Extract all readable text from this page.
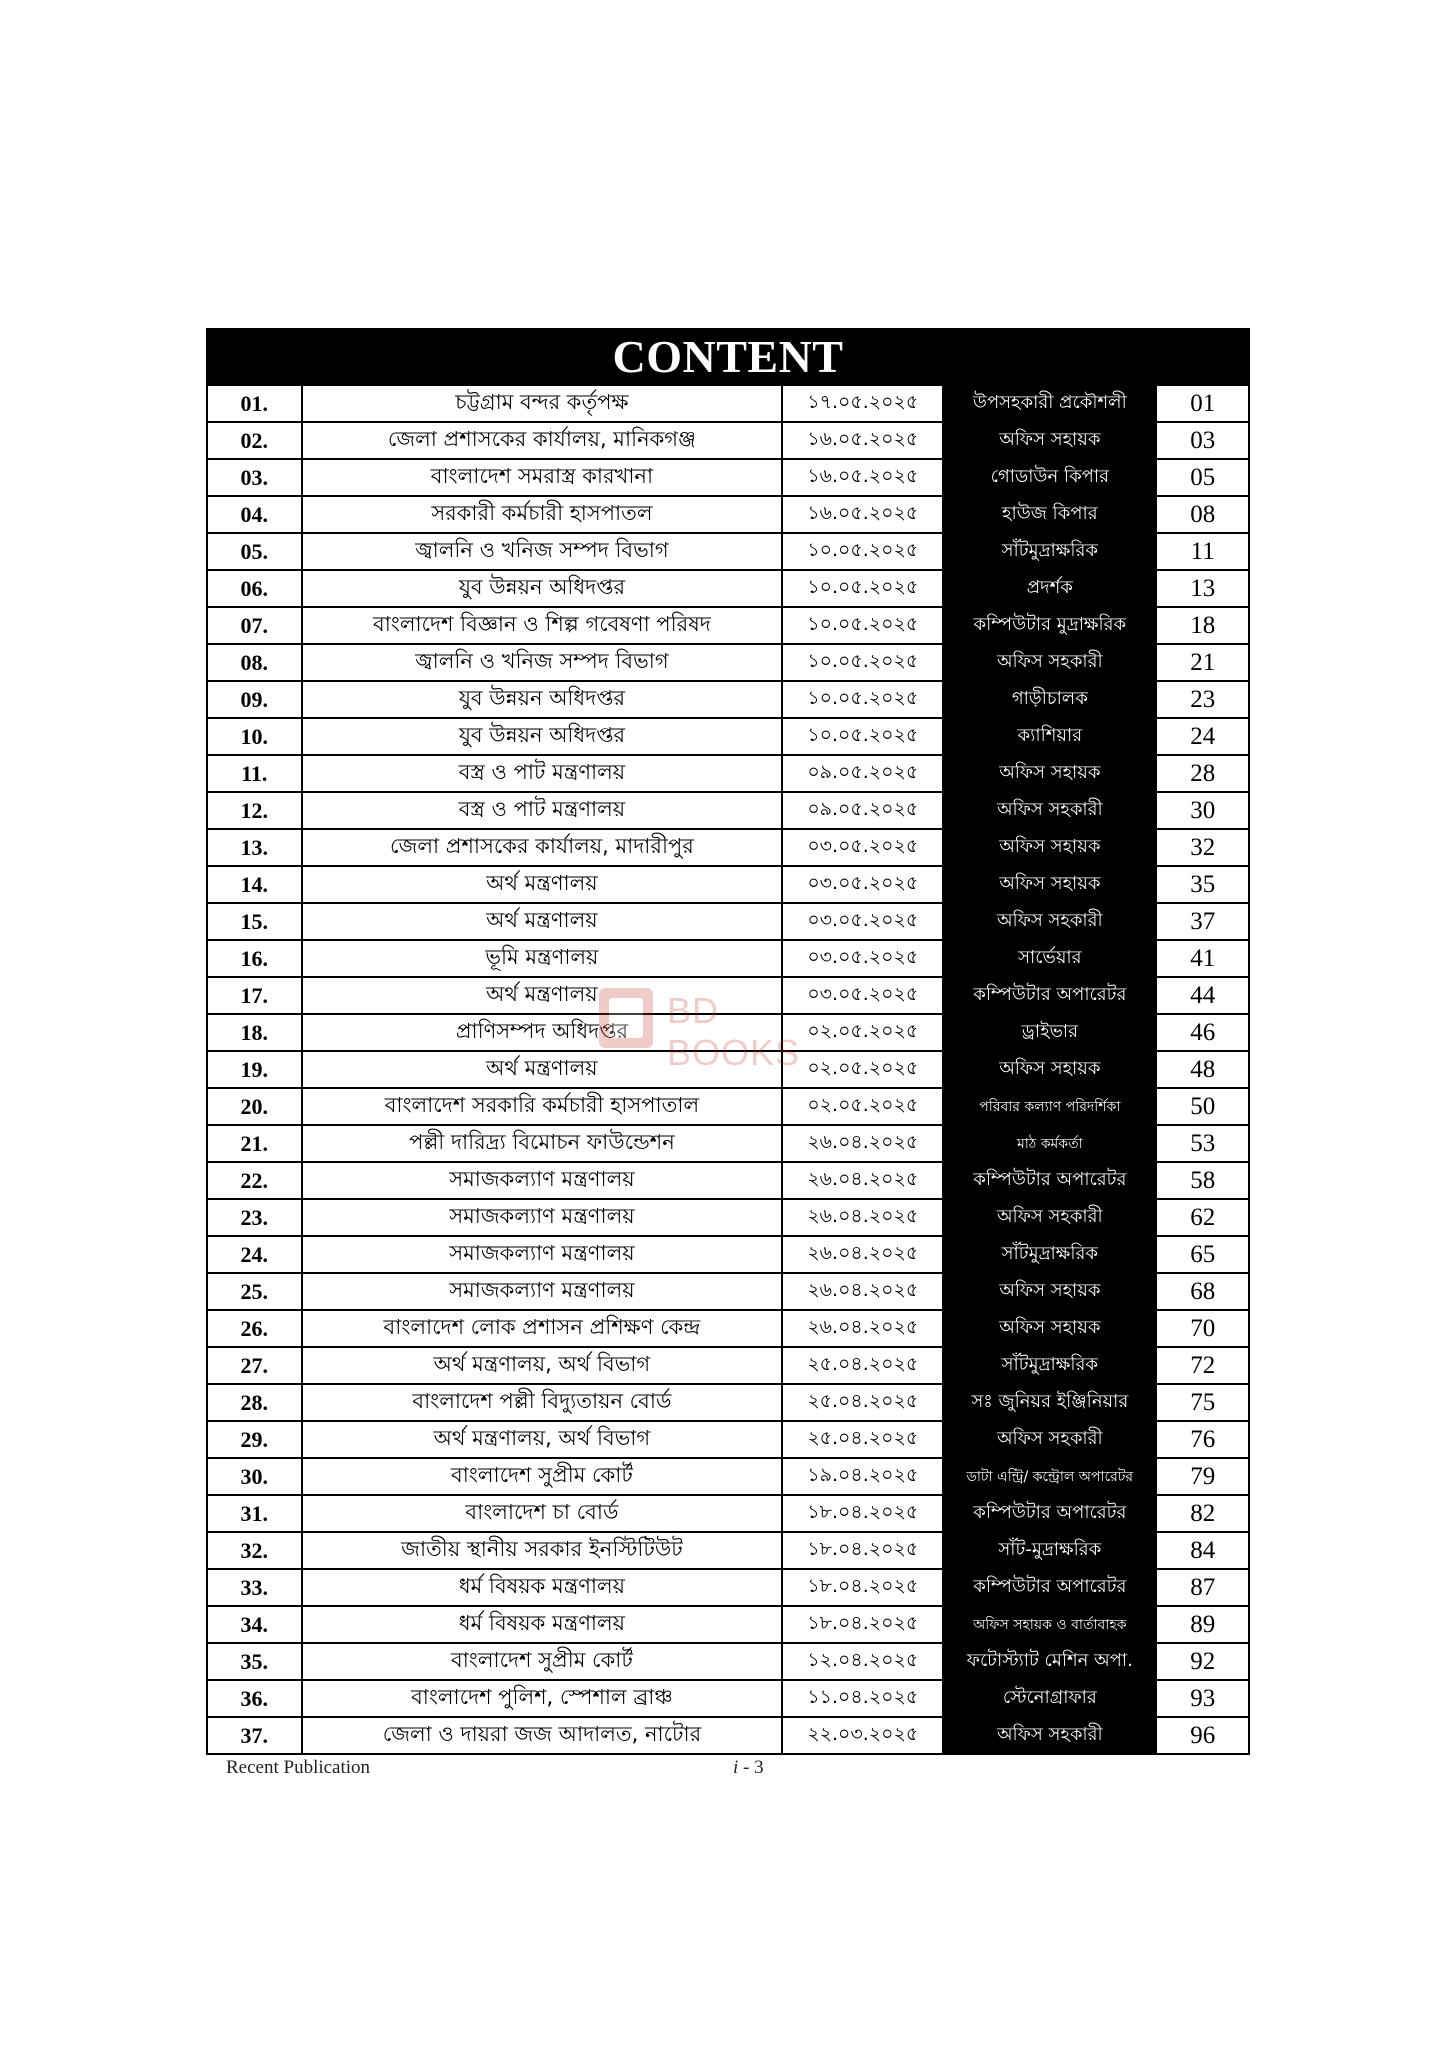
CONTENT
01.	চট্টগ্রাম বন্দর কর্তৃপক্ষ	১৭.০৫.২০২৫	উপসহকারী প্রকৌশলী	01
02.	জেলা প্রশাসকের কার্যালয়, মানিকগঞ্জ	১৬.০৫.২০২৫	অফিস সহায়ক	03
03.	বাংলাদেশ সমরাস্ত্র কারখানা	১৬.০৫.২০২৫	গোডাউন কিপার	05
04.	সরকারী কর্মচারী হাসপাতল	১৬.০৫.২০২৫	হাউজ কিপার	08
05.	জ্বালনি ও খনিজ সম্পদ বিভাগ	১০.০৫.২০২৫	সাঁটমুদ্রাক্ষরিক	11
06.	যুব উন্নয়ন অধিদপ্তর	১০.০৫.২০২৫	প্রদর্শক	13
07.	বাংলাদেশ বিজ্ঞান ও শিল্প গবেষণা পরিষদ	১০.০৫.২০২৫	কম্পিউটার মুদ্রাক্ষরিক	18
08.	জ্বালনি ও খনিজ সম্পদ বিভাগ	১০.০৫.২০২৫	অফিস সহকারী	21
09.	যুব উন্নয়ন অধিদপ্তর	১০.০৫.২০২৫	গাড়ীচালক	23
10.	যুব উন্নয়ন অধিদপ্তর	১০.০৫.২০২৫	ক্যাশিয়ার	24
11.	বস্ত্র ও পাট মন্ত্রণালয়	০৯.০৫.২০২৫	অফিস সহায়ক	28
12.	বস্ত্র ও পাট মন্ত্রণালয়	০৯.০৫.২০২৫	অফিস সহকারী	30
13.	জেলা প্রশাসকের কার্যালয়, মাদারীপুর	০৩.০৫.২০২৫	অফিস সহায়ক	32
14.	অর্থ মন্ত্রণালয়	০৩.০৫.২০২৫	অফিস সহায়ক	35
15.	অর্থ মন্ত্রণালয়	০৩.০৫.২০২৫	অফিস সহকারী	37
16.	ভূমি মন্ত্রণালয়	০৩.০৫.২০২৫	সার্ভেয়ার	41
17.	অর্থ মন্ত্রণালয়	০৩.০৫.২০২৫	কম্পিউটার অপারেটর	44
18.	প্রাণিসম্পদ অধিদপ্তর	০২.০৫.২০২৫	ড্রাইভার	46
19.	অর্থ মন্ত্রণালয়	০২.০৫.২০২৫	অফিস সহায়ক	48
20.	বাংলাদেশ সরকারি কর্মচারী হাসপাতাল	০২.০৫.২০২৫	পরিবার কল্যাণ পরিদর্শিকা	50
21.	পল্লী দারিদ্র্য বিমোচন ফাউন্ডেশন	২৬.০৪.২০২৫	মাঠ কর্মকর্তা	53
22.	সমাজকল্যাণ মন্ত্রণালয়	২৬.০৪.২০২৫	কম্পিউটার অপারেটর	58
23.	সমাজকল্যাণ মন্ত্রণালয়	২৬.০৪.২০২৫	অফিস সহকারী	62
24.	সমাজকল্যাণ মন্ত্রণালয়	২৬.০৪.২০২৫	সাঁটমুদ্রাক্ষরিক	65
25.	সমাজকল্যাণ মন্ত্রণালয়	২৬.০৪.২০২৫	অফিস সহায়ক	68
26.	বাংলাদেশ লোক প্রশাসন প্রশিক্ষণ কেন্দ্র	২৬.০৪.২০২৫	অফিস সহায়ক	70
27.	অর্থ মন্ত্রণালয়, অর্থ বিভাগ	২৫.০৪.২০২৫	সাঁটমুদ্রাক্ষরিক	72
28.	বাংলাদেশ পল্লী বিদ্যুতায়ন বোর্ড	২৫.০৪.২০২৫	সঃ জুনিয়র ইঞ্জিনিয়ার	75
29.	অর্থ মন্ত্রণালয়, অর্থ বিভাগ	২৫.০৪.২০২৫	অফিস সহকারী	76
30.	বাংলাদেশ সুপ্রীম কোর্ট	১৯.০৪.২০২৫	ডাটা এন্ট্রি/ কন্ট্রোল অপারেটর	79
31.	বাংলাদেশ চা বোর্ড	১৮.০৪.২০২৫	কম্পিউটার অপারেটর	82
32.	জাতীয় স্থানীয় সরকার ইনস্টিটিউট	১৮.০৪.২০২৫	সাঁট-মুদ্রাক্ষরিক	84
33.	ধর্ম বিষয়ক মন্ত্রণালয়	১৮.০৪.২০২৫	কম্পিউটার অপারেটর	87
34.	ধর্ম বিষয়ক মন্ত্রণালয়	১৮.০৪.২০২৫	অফিস সহায়ক ও বার্তাবাহক	89
35.	বাংলাদেশ সুপ্রীম কোর্ট	১২.০৪.২০২৫	ফটোস্ট্যাট মেশিন অপা.	92
36.	বাংলাদেশ পুলিশ, স্পেশাল ব্রাঞ্চ	১১.০৪.২০২৫	স্টেনোগ্রাফার	93
37.	জেলা ও দায়রা জজ আদালত, নাটোর	২২.০৩.২০২৫	অফিস সহকারী	96
BD BOOKS
Recent Publication	i - 3
